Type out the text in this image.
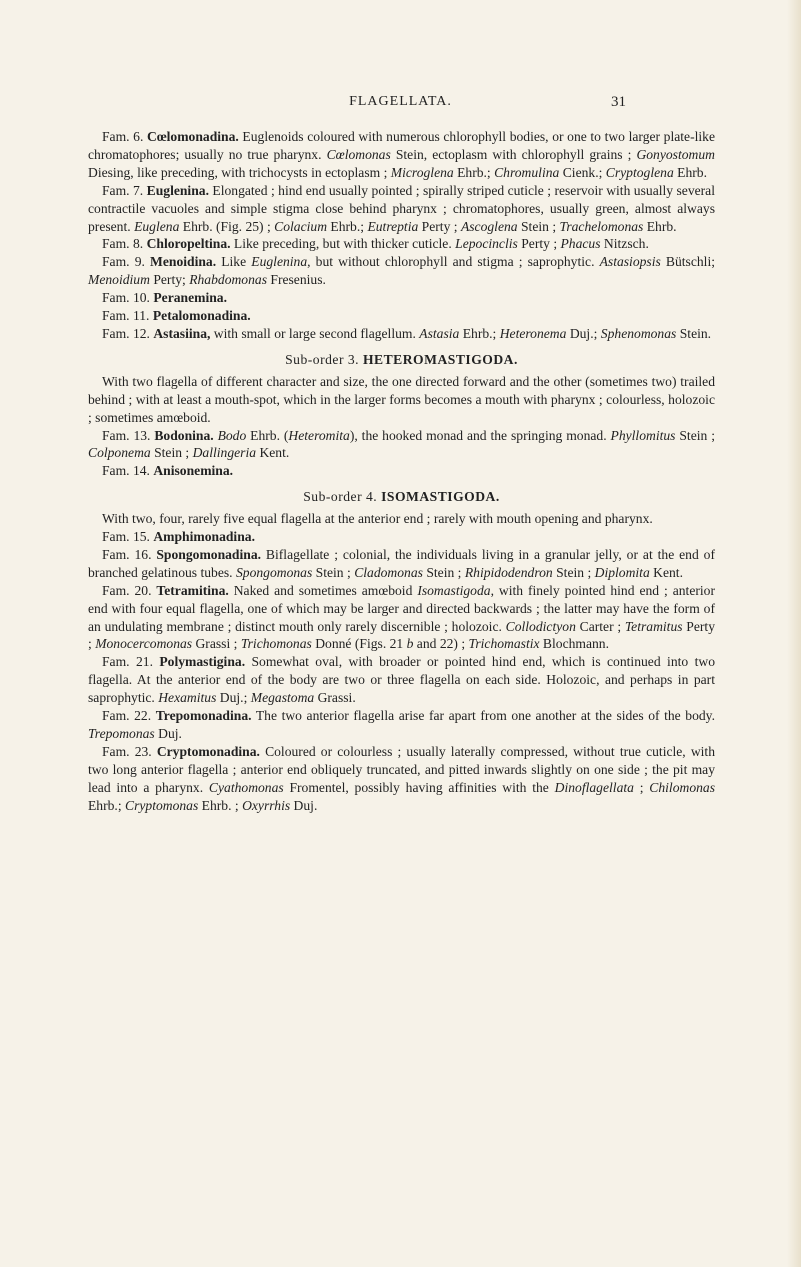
FLAGELLATA.	31

Fam. 6. Cœlomonadina. Euglenoids coloured with numerous chlorophyll bodies, or one to two larger plate-like chromatophores; usually no true pharynx. Cœlomonas Stein, ectoplasm with chlorophyll grains ; Gonyostomum Diesing, like preceding, with trichocysts in ectoplasm ; Microglena Ehrb.; Chromulina Cienk.; Cryptoglena Ehrb.

Fam. 7. Euglenina. Elongated ; hind end usually pointed ; spirally striped cuticle ; reservoir with usually several contractile vacuoles and simple stigma close behind pharynx ; chromatophores, usually green, almost always present. Euglena Ehrb. (Fig. 25) ; Colacium Ehrb.; Eutreptia Perty ; Ascoglena Stein ; Trachelomonas Ehrb.

Fam. 8. Chloropeltina. Like preceding, but with thicker cuticle. Lepocinclis Perty ; Phacus Nitzsch.

Fam. 9. Menoidina. Like Euglenina, but without chlorophyll and stigma ; saprophytic. Astasiopsis Bütschli; Menoidium Perty; Rhabdomonas Fresenius.

Fam. 10. Peranemina.

Fam. 11. Petalomonadina.

Fam. 12. Astasiina, with small or large second flagellum. Astasia Ehrb.; Heteronema Duj.; Sphenomonas Stein.

Sub-order 3. HETEROMASTIGODA.

With two flagella of different character and size, the one directed forward and the other (sometimes two) trailed behind ; with at least a mouth-spot, which in the larger forms becomes a mouth with pharynx ; colourless, holozoic ; sometimes amœboid.

Fam. 13. Bodonina. Bodo Ehrb. (Heteromita), the hooked monad and the springing monad. Phyllomitus Stein ; Colponema Stein ; Dallingeria Kent.

Fam. 14. Anisonemina.

Sub-order 4. ISOMASTIGODA.

With two, four, rarely five equal flagella at the anterior end ; rarely with mouth opening and pharynx.

Fam. 15. Amphimonadina.

Fam. 16. Spongomonadina. Biflagellate ; colonial, the individuals living in a granular jelly, or at the end of branched gelatinous tubes. Spongomonas Stein ; Cladomonas Stein ; Rhipidodendron Stein ; Diplomita Kent.

Fam. 20. Tetramitina. Naked and sometimes amœboid Isomastigoda, with finely pointed hind end ; anterior end with four equal flagella, one of which may be larger and directed backwards ; the latter may have the form of an undulating membrane ; distinct mouth only rarely discernible ; holozoic. Collodictyon Carter ; Tetramitus Perty ; Monocercomonas Grassi ; Trichomonas Donné (Figs. 21 b and 22) ; Trichomastix Blochmann.

Fam. 21. Polymastigina. Somewhat oval, with broader or pointed hind end, which is continued into two flagella. At the anterior end of the body are two or three flagella on each side. Holozoic, and perhaps in part saprophytic. Hexamitus Duj.; Megastoma Grassi.

Fam. 22. Trepomonadina. The two anterior flagella arise far apart from one another at the sides of the body. Trepomonas Duj.

Fam. 23. Cryptomonadina. Coloured or colourless ; usually laterally compressed, without true cuticle, with two long anterior flagella ; anterior end obliquely truncated, and pitted inwards slightly on one side ; the pit may lead into a pharynx. Cyathomonas Fromentel, possibly having affinities with the Dinoflagellata ; Chilomonas Ehrb.; Cryptomonas Ehrb. ; Oxyrrhis Duj.
